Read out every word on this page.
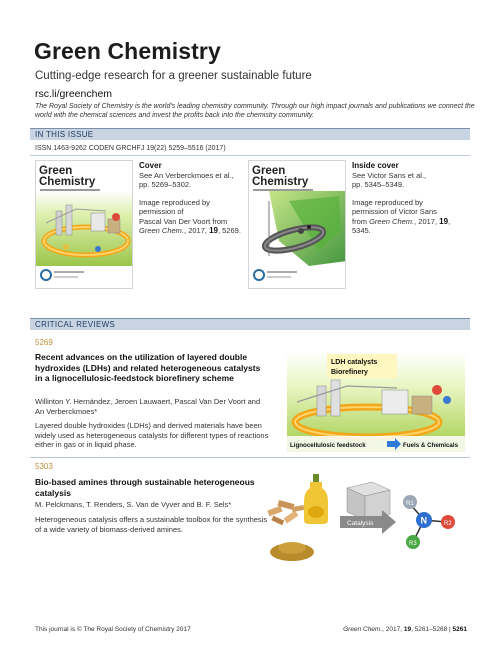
Green Chemistry
Cutting-edge research for a greener sustainable future
rsc.li/greenchem
The Royal Society of Chemistry is the world's leading chemistry community. Through our high impact journals and publications we connect the world with the chemical sciences and invest the profits back into the chemistry community.
IN THIS ISSUE
ISSN 1463-9262 CODEN GRCHFJ 19(22) 5259–5516 (2017)
Green
Chemistry
Cover
See An Verberckmoes et al.,
pp. 5269–5302.
Image reproduced by
permission of
Pascal Van Der Voort from
Green Chem., 2017, 19, 5269.
Green
Chemistry
Inside cover
See Victor Sans et al.,
pp. 5345–5349.
Image reproduced by
permission of Victor Sans
from Green Chem., 2017, 19, 5345.
CRITICAL REVIEWS
5269
Recent advances on the utilization of layered double hydroxides (LDHs) and related heterogeneous catalysts in a lignocellulosic-feedstock biorefinery scheme
Willinton Y. Hernández, Jeroen Lauwaert, Pascal Van Der Voort and An Verberckmoes*
Layered double hydroxides (LDHs) and derived materials have been widely used as heterogeneous catalysts for different types of reactions either in gas or in liquid phase.
LDH catalysts
Biorefinery
Lignocellulosic feedstock	Fuels & Chemicals
5303
Bio-based amines through sustainable heterogeneous catalysis
M. Pelckmans, T. Renders, S. Van de Vyver and B. F. Sels*
Heterogeneous catalysis offers a sustainable toolbox for the synthesis of a wide variety of biomass-derived amines.
Catalysis	N
R1
R2
R3
This journal is © The Royal Society of Chemistry 2017	Green Chem., 2017, 19, 5261–5268 | 5261
